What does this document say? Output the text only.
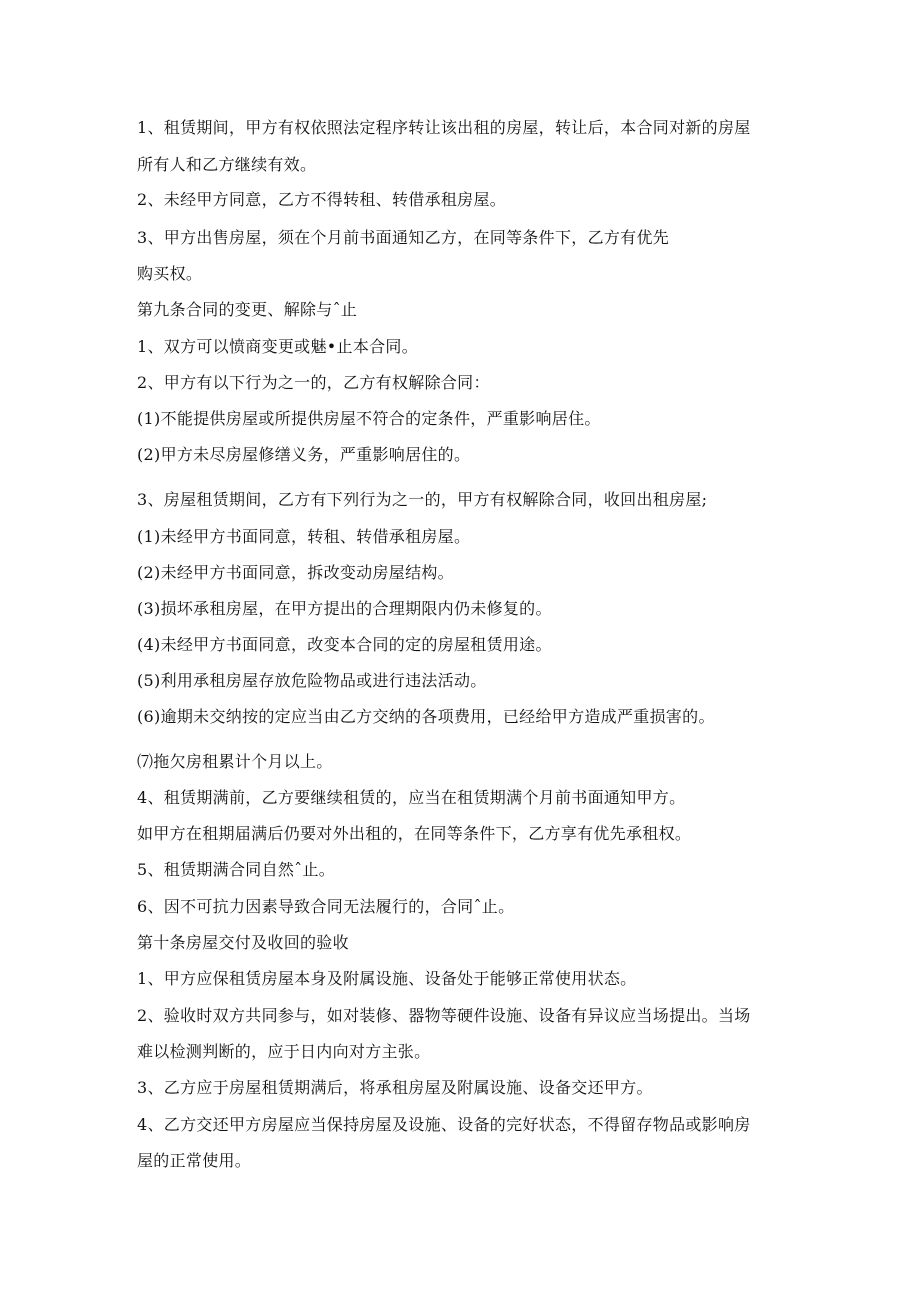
1、租赁期间，甲方有权依照法定程序转让该出租的房屋，转让后，本合同对新的房屋
所有人和乙方继续有效。
2、未经甲方同意，乙方不得转租、转借承租房屋。
3、甲方出售房屋，须在个月前书面通知乙方，在同等条件下，乙方有优先
购买权。
第九条合同的变更、解除与ˆ止
1、双方可以愤商变更或魅•止本合同。
2、甲方有以下行为之一的，乙方有权解除合同：
(1)不能提供房屋或所提供房屋不符合的定条件，严重影响居住。
(2)甲方未尽房屋修缮义务，严重影响居住的。
3、房屋租赁期间，乙方有下列行为之一的，甲方有权解除合同，收回出租房屋;
(1)未经甲方书面同意，转租、转借承租房屋。
(2)未经甲方书面同意，拆改变动房屋结构。
(3)损坏承租房屋，在甲方提出的合理期限内仍未修复的。
(4)未经甲方书面同意，改变本合同的定的房屋租赁用途。
(5)利用承租房屋存放危险物品或进行违法活动。
(6)逾期未交纳按的定应当由乙方交纳的各项费用，已经给甲方造成严重损害的。
⑺拖欠房租累计个月以上。
4、租赁期满前，乙方要继续租赁的，应当在租赁期满个月前书面通知甲方。
如甲方在租期届满后仍要对外出租的，在同等条件下，乙方享有优先承租权。
5、租赁期满合同自然ˆ止。
6、因不可抗力因素导致合同无法履行的，合同ˆ止。
第十条房屋交付及收回的验收
1、甲方应保租赁房屋本身及附属设施、设备处于能够正常使用状态。
2、验收时双方共同参与，如对装修、器物等硬件设施、设备有异议应当场提出。当场
难以检测判断的，应于日内向对方主张。
3、乙方应于房屋租赁期满后，将承租房屋及附属设施、设备交还甲方。
4、乙方交还甲方房屋应当保持房屋及设施、设备的完好状态，不得留存物品或影响房
屋的正常使用。
